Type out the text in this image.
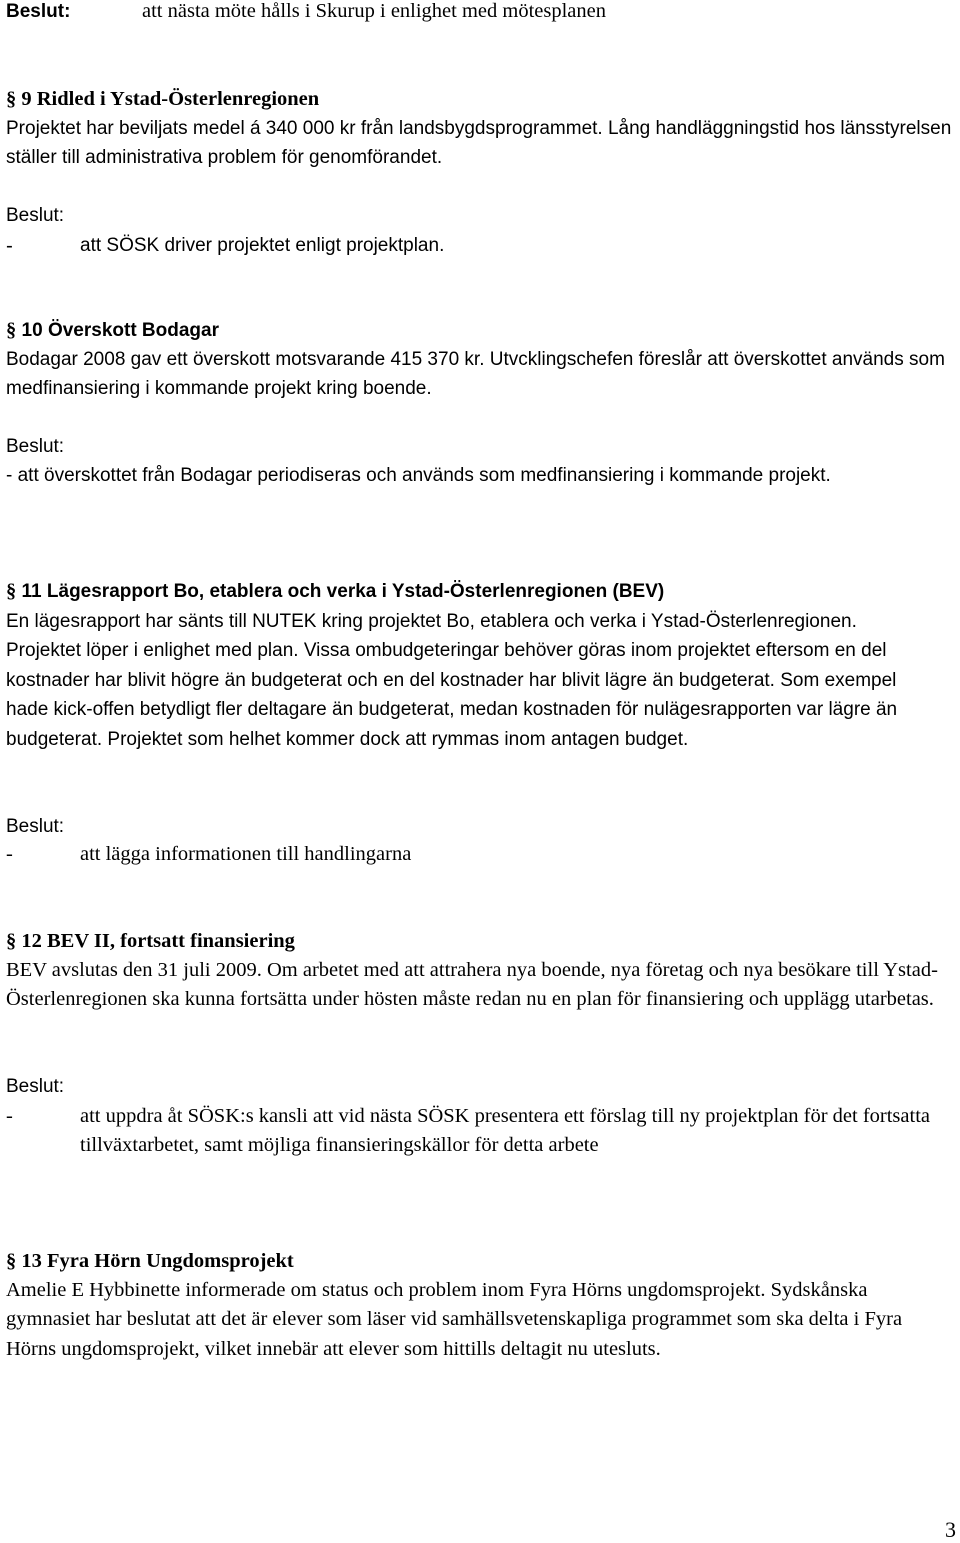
Beslut:	att nästa möte hålls i Skurup i enlighet med mötesplanen
§ 9 Ridled i Ystad-Österlenregionen
Projektet har beviljats medel á 340 000 kr från landsbygdsprogrammet. Lång handläggningstid hos länsstyrelsen ställer till administrativa problem för genomförandet.
Beslut:
-	att SÖSK driver projektet enligt projektplan.
§ 10 Överskott Bodagar
Bodagar 2008 gav ett överskott motsvarande 415 370 kr. Utvcklingschefen föreslår att överskottet används som medfinansiering i kommande projekt kring boende.
Beslut:
- att överskottet från Bodagar periodiseras och används som medfinansiering i kommande projekt.
§ 11 Lägesrapport Bo, etablera och verka i Ystad-Österlenregionen (BEV)
En lägesrapport har sänts till NUTEK kring projektet Bo, etablera och verka i Ystad-Österlenregionen. Projektet löper i enlighet med plan. Vissa ombudgeteringar behöver göras inom projektet eftersom en del kostnader har blivit högre än budgeterat och en del kostnader har blivit lägre än budgeterat. Som exempel hade kick-offen betydligt fler deltagare än budgeterat, medan kostnaden för nulägesrapporten var lägre än budgeterat. Projektet som helhet kommer dock att rymmas inom antagen budget.
Beslut:
-	att lägga informationen till handlingarna
§ 12 BEV II, fortsatt finansiering
BEV avslutas den 31 juli 2009. Om arbetet med att attrahera nya boende, nya företag och nya besökare till Ystad-Österlenregionen ska kunna fortsätta under hösten måste redan nu en plan för finansiering och upplägg utarbetas.
Beslut:
-	att uppdra åt SÖSK:s kansli att vid nästa SÖSK presentera ett förslag till ny projektplan för det fortsatta tillväxtarbetet, samt möjliga finansieringskällor för detta arbete
§ 13 Fyra Hörn Ungdomsprojekt
Amelie E Hybbinette informerade om status och problem inom Fyra Hörns ungdomsprojekt. Sydskånska gymnasiet har beslutat att det är elever som läser vid samhällsvetenskapliga programmet som ska delta i Fyra Hörns ungdomsprojekt, vilket innebär att elever som hittills deltagit nu utesluts.
3
